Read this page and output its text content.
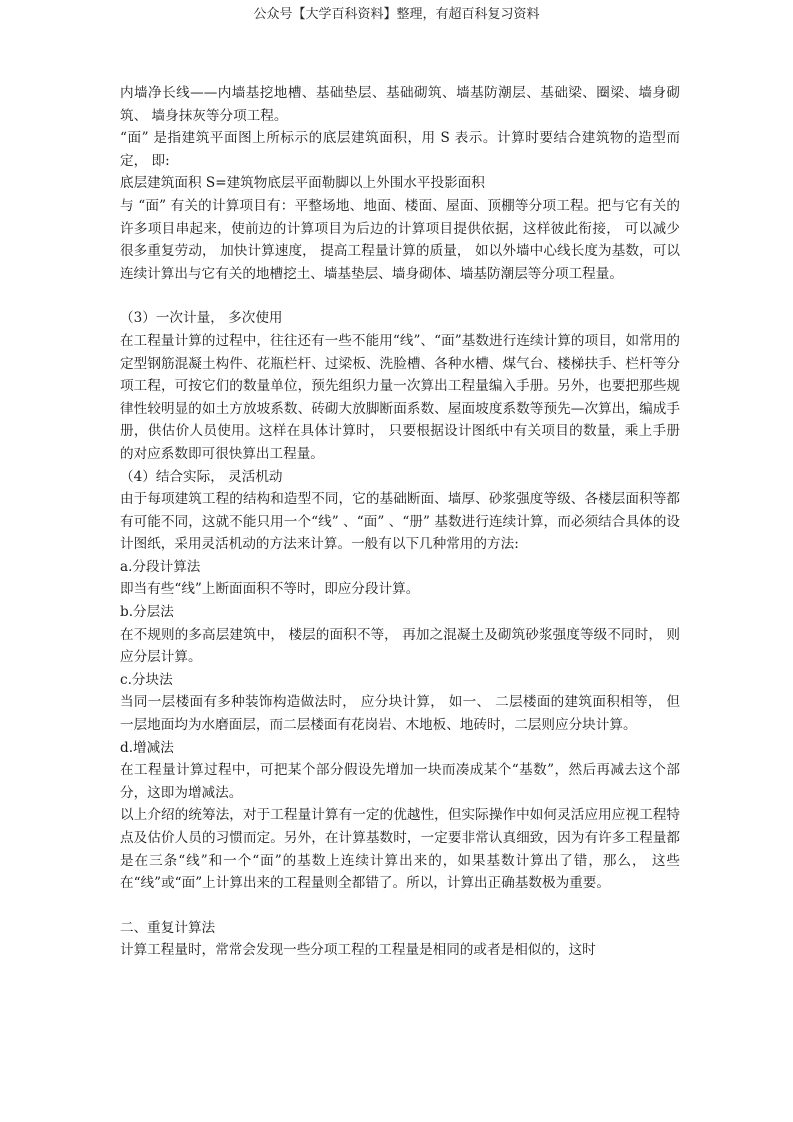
公众号【大学百科资料】整理，有超百科复习资料

内墙净长线——内墙基挖地槽、基础垫层、基础砌筑、墙基防潮层、基础梁、圈梁、墙身砌筑、 墙身抹灰等分项工程。

“面” 是指建筑平面图上所标示的底层建筑面积，用 S 表示。计算时要结合建筑物的造型而定， 即:

底层建筑面积 S=建筑物底层平面勒脚以上外围水平投影面积

与 “面” 有关的计算项目有：平整场地、地面、楼面、屋面、顶棚等分项工程。把与它有关的许多项目串起来，使前边的计算项目为后边的计算项目提供依据，这样彼此衔接， 可以减少很多重复劳动， 加快计算速度， 提高工程量计算的质量， 如以外墙中心线长度为基数，可以连续计算出与它有关的地槽挖土、墙基垫层、墙身砌体、墙基防潮层等分项工程量。

（3）一次计量， 多次使用

在工程量计算的过程中，往往还有一些不能用“线”、“面”基数进行连续计算的项目，如常用的定型钢筋混凝土构件、花瓶栏杆、过梁板、洗脸槽、各种水槽、煤气台、楼梯扶手、栏杆等分项工程，可按它们的数量单位，预先组织力量一次算出工程量编入手册。另外，也要把那些规律性较明显的如土方放坡系数、砖砌大放脚断面系数、屋面坡度系数等预先—次算出，编成手册，供估价人员使用。这样在具体计算时， 只要根据设计图纸中有关项目的数量，乘上手册的对应系数即可很快算出工程量。

（4）结合实际， 灵活机动

由于每项建筑工程的结构和造型不同，它的基础断面、墙厚、砂浆强度等级、各楼层面积等都有可能不同，这就不能只用一个“线” 、“面” 、“册” 基数进行连续计算，而必须结合具体的设计图纸，采用灵活机动的方法来计算。一般有以下几种常用的方法:

a.分段计算法

即当有些“线”上断面面积不等时，即应分段计算。

b.分层法

在不规则的多高层建筑中， 楼层的面积不等， 再加之混凝土及砌筑砂浆强度等级不同时， 则应分层计算。

c.分块法

当同一层楼面有多种装饰构造做法时， 应分块计算， 如一、 二层楼面的建筑面积相等， 但一层地面均为水磨面层，而二层楼面有花岗岩、木地板、地砖时，二层则应分块计算。

d.增减法

在工程量计算过程中，可把某个部分假设先增加一块而凑成某个“基数”，然后再减去这个部分，这即为增减法。

以上介绍的统筹法，对于工程量计算有一定的优越性，但实际操作中如何灵活应用应视工程特点及估价人员的习惯而定。另外，在计算基数时，一定要非常认真细致，因为有许多工程量都是在三条“线”和一个“面”的基数上连续计算出来的，如果基数计算出了错，那么， 这些在“线”或“面”上计算出来的工程量则全都错了。所以，计算出正确基数极为重要。

二、重复计算法

计算工程量时，常常会发现一些分项工程的工程量是相同的或者是相似的，这时
